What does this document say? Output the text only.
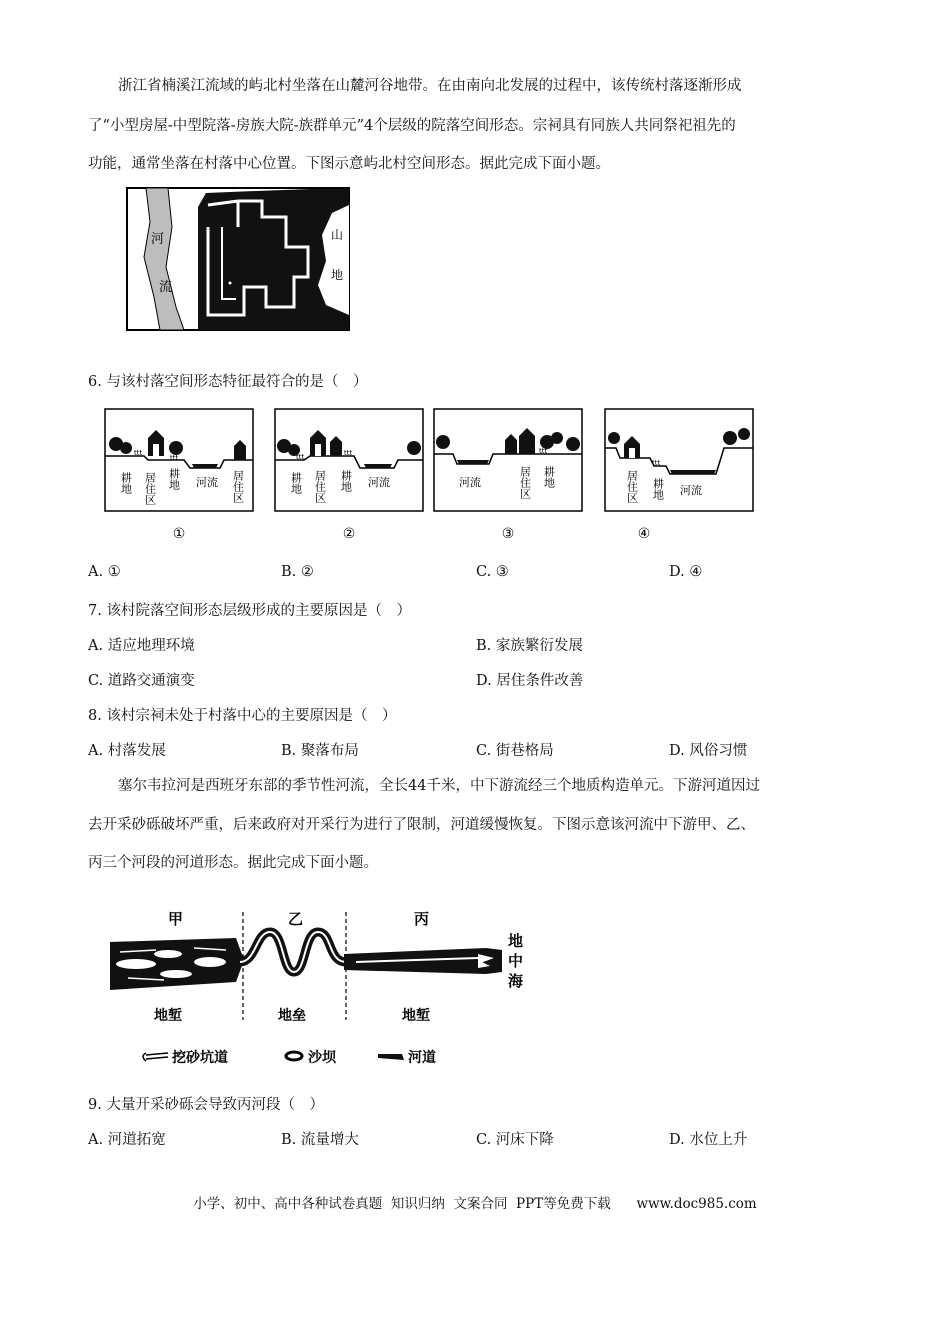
浙江省楠溪江流域的屿北村坐落在山麓河谷地带。在由南向北发展的过程中，该传统村落逐渐形成
了“小型房屋-中型院落-房族大院-族群单元”4个层级的院落空间形态。宗祠具有同族人共同祭祀祖先的
功能，通常坐落在村落中心位置。下图示意屿北村空间形态。据此完成下面小题。
河
流
山
地
6. 与该村落空间形态特征最符合的是（　）
ttt
ttt
耕地 居住区 耕地 河流 居住区
①
ttt	ttt
耕地 居住区 耕地 河流
②
ttt
河流	居住区 耕地
③
ttt
居住区 耕地 河流
④
A. ①	B. ②	C. ③	D. ④
7. 该村院落空间形态层级形成的主要原因是（　）
A. 适应地理环境	B. 家族繁衍发展
C. 道路交通演变	D. 居住条件改善
8. 该村宗祠未处于村落中心的主要原因是（　）
A. 村落发展	B. 聚落布局	C. 街巷格局	D. 风俗习惯
塞尔韦拉河是西班牙东部的季节性河流，全长44千米，中下游流经三个地质构造单元。下游河道因过
去开采砂砾破坏严重，后来政府对开采行为进行了限制，河道缓慢恢复。下图示意该河流中下游甲、乙、
丙三个河段的河道形态。据此完成下面小题。
甲	乙	丙
地
中
海
地堑	地垒	地堑
挖砂坑道	沙坝	河道
9. 大量开采砂砾会导致丙河段（　）
A. 河道拓宽	B. 流量增大	C. 河床下降	D. 水位上升
小学、初中、高中各种试卷真题  知识归纳  文案合同  PPT等免费下载      www.doc985.com
